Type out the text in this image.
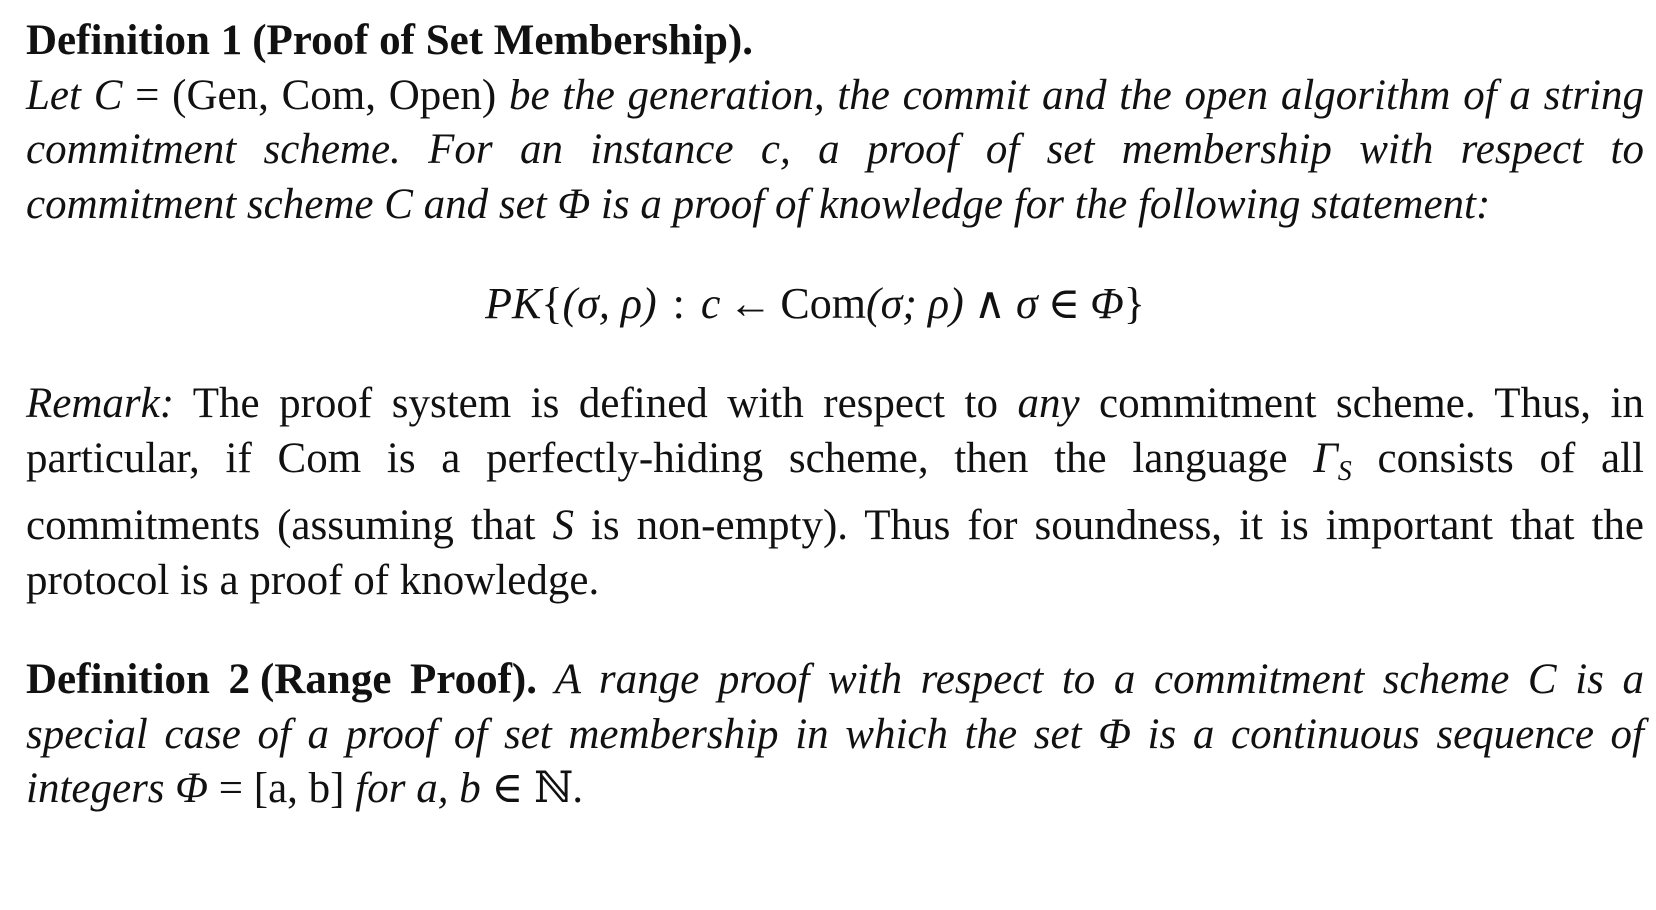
Definition 1 (Proof of Set Membership).
Let C = (Gen, Com, Open) be the generation, the commit and the open algorithm of a string commitment scheme. For an instance c, a proof of set membership with respect to commitment scheme C and set Φ is a proof of knowledge for the following statement:

PK{(σ, ρ) : c ← Com(σ; ρ) ∧ σ ∈ Φ}

Remark: The proof system is defined with respect to any commitment scheme. Thus, in particular, if Com is a perfectly-hiding scheme, then the language $\Gamma_S$ consists of all commitments (assuming that S is non-empty). Thus for soundness, it is important that the protocol is a proof of knowledge.

Definition 2 (Range Proof). A range proof with respect to a commitment scheme C is a special case of a proof of set membership in which the set Φ is a continuous sequence of integers Φ = [a, b] for a, b ∈ ℕ.
